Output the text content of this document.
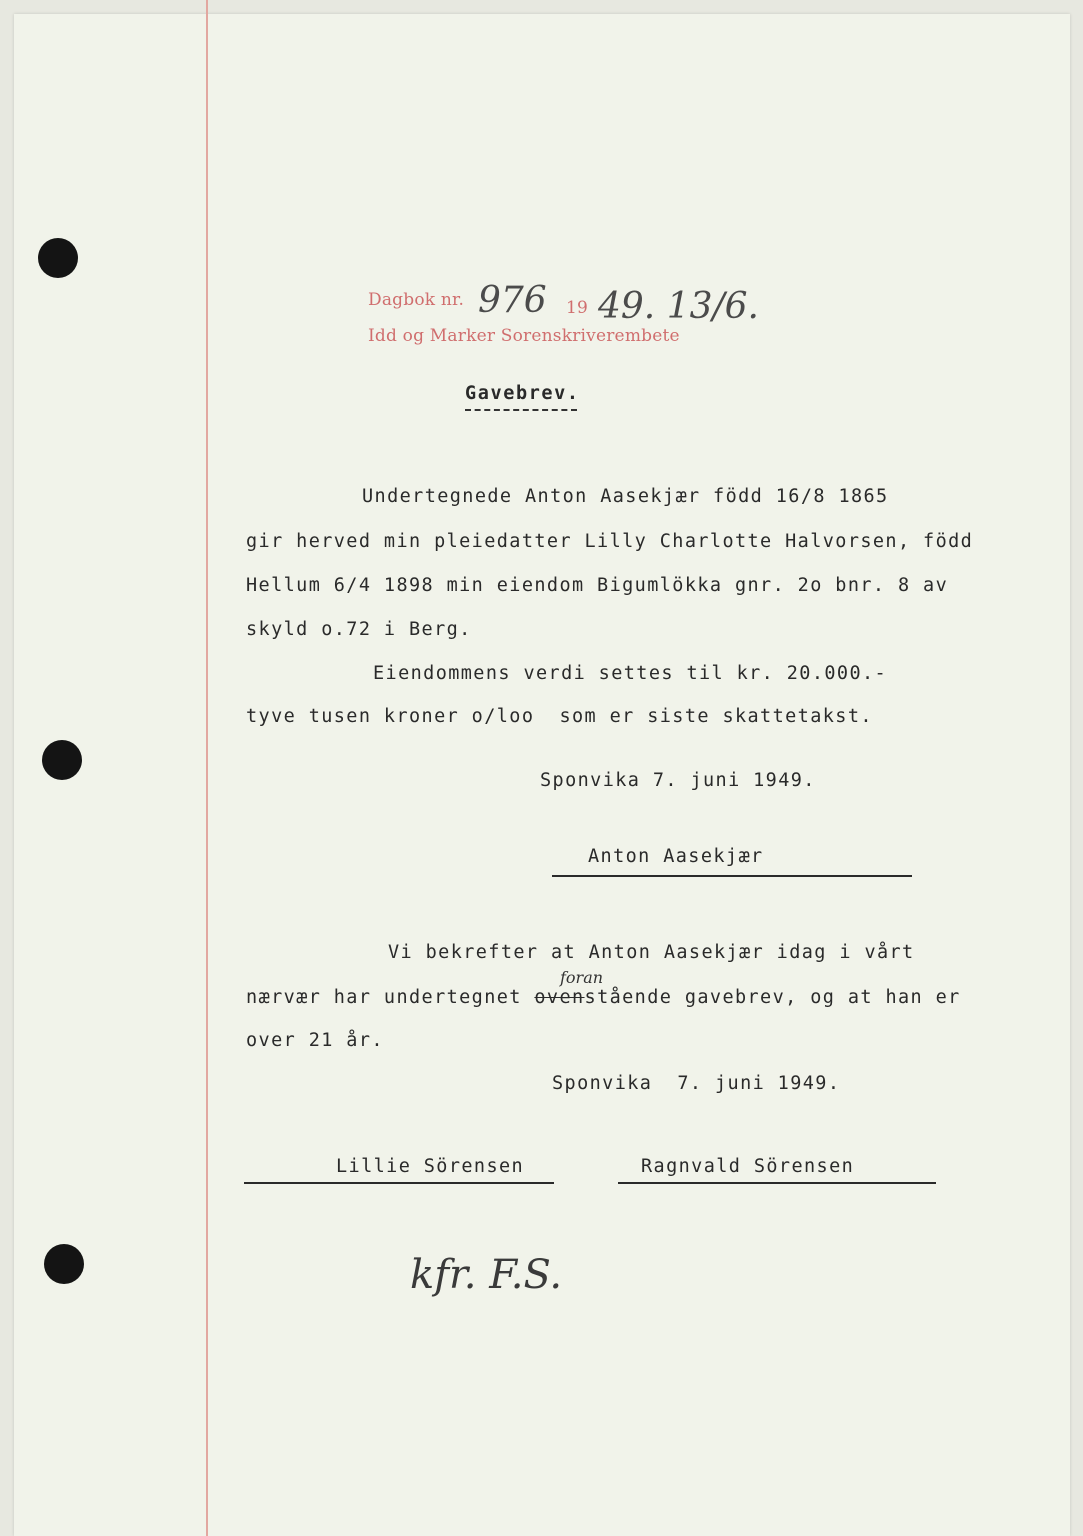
Dagbok nr.
Idd og Marker Sorenskriverembete
976 19 49. 13/6.
Gavebrev.
Undertegnede Anton Aasekjær född 16/8 1865
gir herved min pleiedatter Lilly Charlotte Halvorsen, född
Hellum 6/4 1898 min eiendom Bigumlökka gnr. 2o bnr. 8 av
skyld o.72 i Berg.
Eiendommens verdi settes til kr. 20.000.-
tyve tusen kroner o/loo  som er siste skattetakst.
Sponvika 7. juni 1949.
Anton Aasekjær
Vi bekrefter at Anton Aasekjær idag i vårt
foran
nærvær har undertegnet ovenstående gavebrev, og at han er
over 21 år.
Sponvika  7. juni 1949.
Lillie Sörensen	Ragnvald Sörensen
kfr. F.S.
